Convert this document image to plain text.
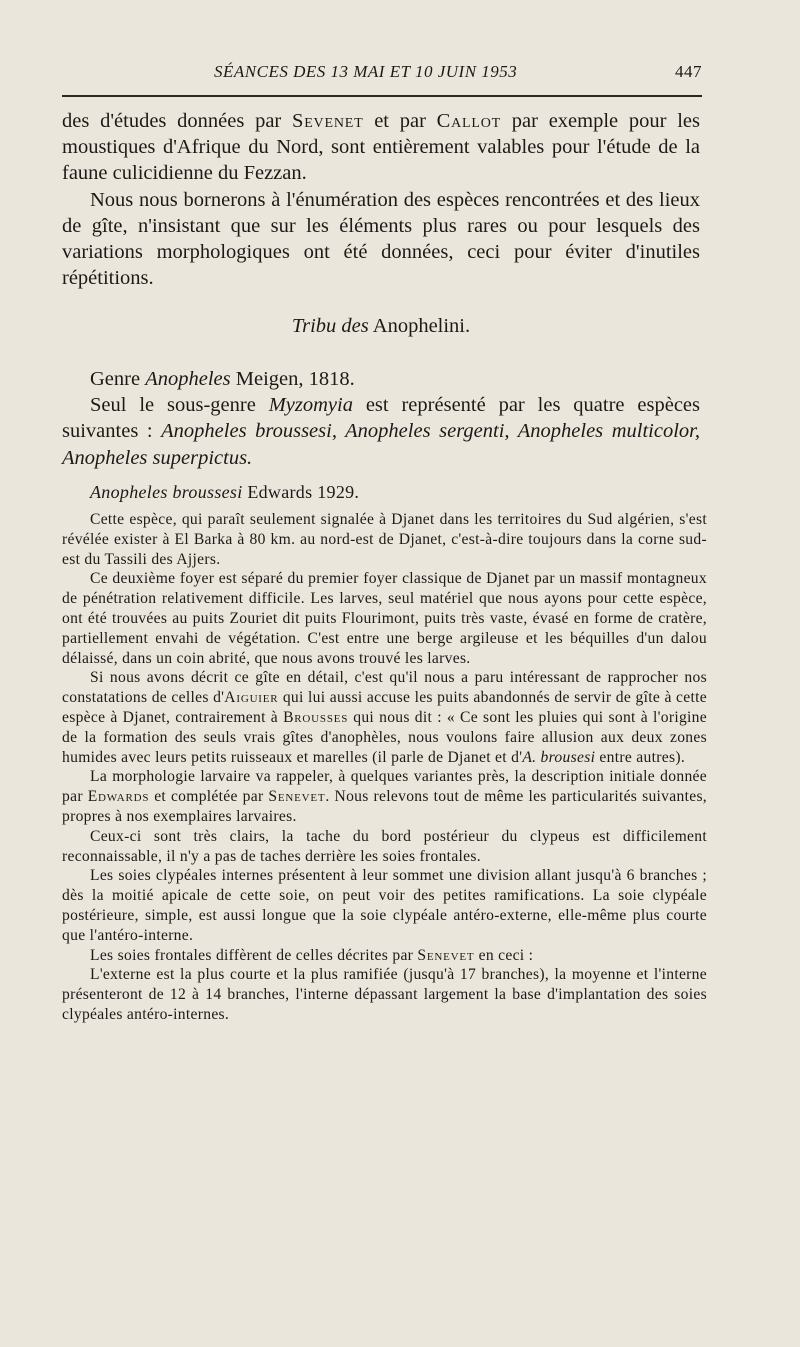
SÉANCES DES 13 MAI ET 10 JUIN 1953	447

des d'études données par Sevenet et par Callot par exemple pour les moustiques d'Afrique du Nord, sont entièrement valables pour l'étude de la faune culicidienne du Fezzan.

Nous nous bornerons à l'énumération des espèces rencontrées et des lieux de gîte, n'insistant que sur les éléments plus rares ou pour lesquels des variations morphologiques ont été données, ceci pour éviter d'inutiles répétitions.

Tribu des Anophelini.

Genre Anopheles Meigen, 1818.

Seul le sous-genre Myzomyia est représenté par les quatre espèces suivantes : Anopheles broussesi, Anopheles sergenti, Anopheles multicolor, Anopheles superpictus.

Anopheles broussesi Edwards 1929.

Cette espèce, qui paraît seulement signalée à Djanet dans les territoires du Sud algérien, s'est révélée exister à El Barka à 80 km. au nord-est de Djanet, c'est-à-dire toujours dans la corne sud-est du Tassili des Ajjers.

Ce deuxième foyer est séparé du premier foyer classique de Djanet par un massif montagneux de pénétration relativement difficile. Les larves, seul matériel que nous ayons pour cette espèce, ont été trouvées au puits Zouriet dit puits Flourimont, puits très vaste, évasé en forme de cratère, partiellement envahi de végétation. C'est entre une berge argileuse et les béquilles d'un dalou délaissé, dans un coin abrité, que nous avons trouvé les larves.

Si nous avons décrit ce gîte en détail, c'est qu'il nous a paru intéressant de rapprocher nos constatations de celles d'Aiguier qui lui aussi accuse les puits abandonnés de servir de gîte à cette espèce à Djanet, contrairement à Brousses qui nous dit : « Ce sont les pluies qui sont à l'origine de la formation des seuls vrais gîtes d'anophèles, nous voulons faire allusion aux deux zones humides avec leurs petits ruisseaux et marelles (il parle de Djanet et d'A. brousesi entre autres).

La morphologie larvaire va rappeler, à quelques variantes près, la description initiale donnée par Edwards et complétée par Senevet. Nous relevons tout de même les particularités suivantes, propres à nos exemplaires larvaires.

Ceux-ci sont très clairs, la tache du bord postérieur du clypeus est difficilement reconnaissable, il n'y a pas de taches derrière les soies frontales.

Les soies clypéales internes présentent à leur sommet une division allant jusqu'à 6 branches ; dès la moitié apicale de cette soie, on peut voir des petites ramifications. La soie clypéale postérieure, simple, est aussi longue que la soie clypéale antéro-externe, elle-même plus courte que l'antéro-interne.

Les soies frontales diffèrent de celles décrites par Senevet en ceci :

L'externe est la plus courte et la plus ramifiée (jusqu'à 17 branches), la moyenne et l'interne présenteront de 12 à 14 branches, l'interne dépassant largement la base d'implantation des soies clypéales antéro-internes.
